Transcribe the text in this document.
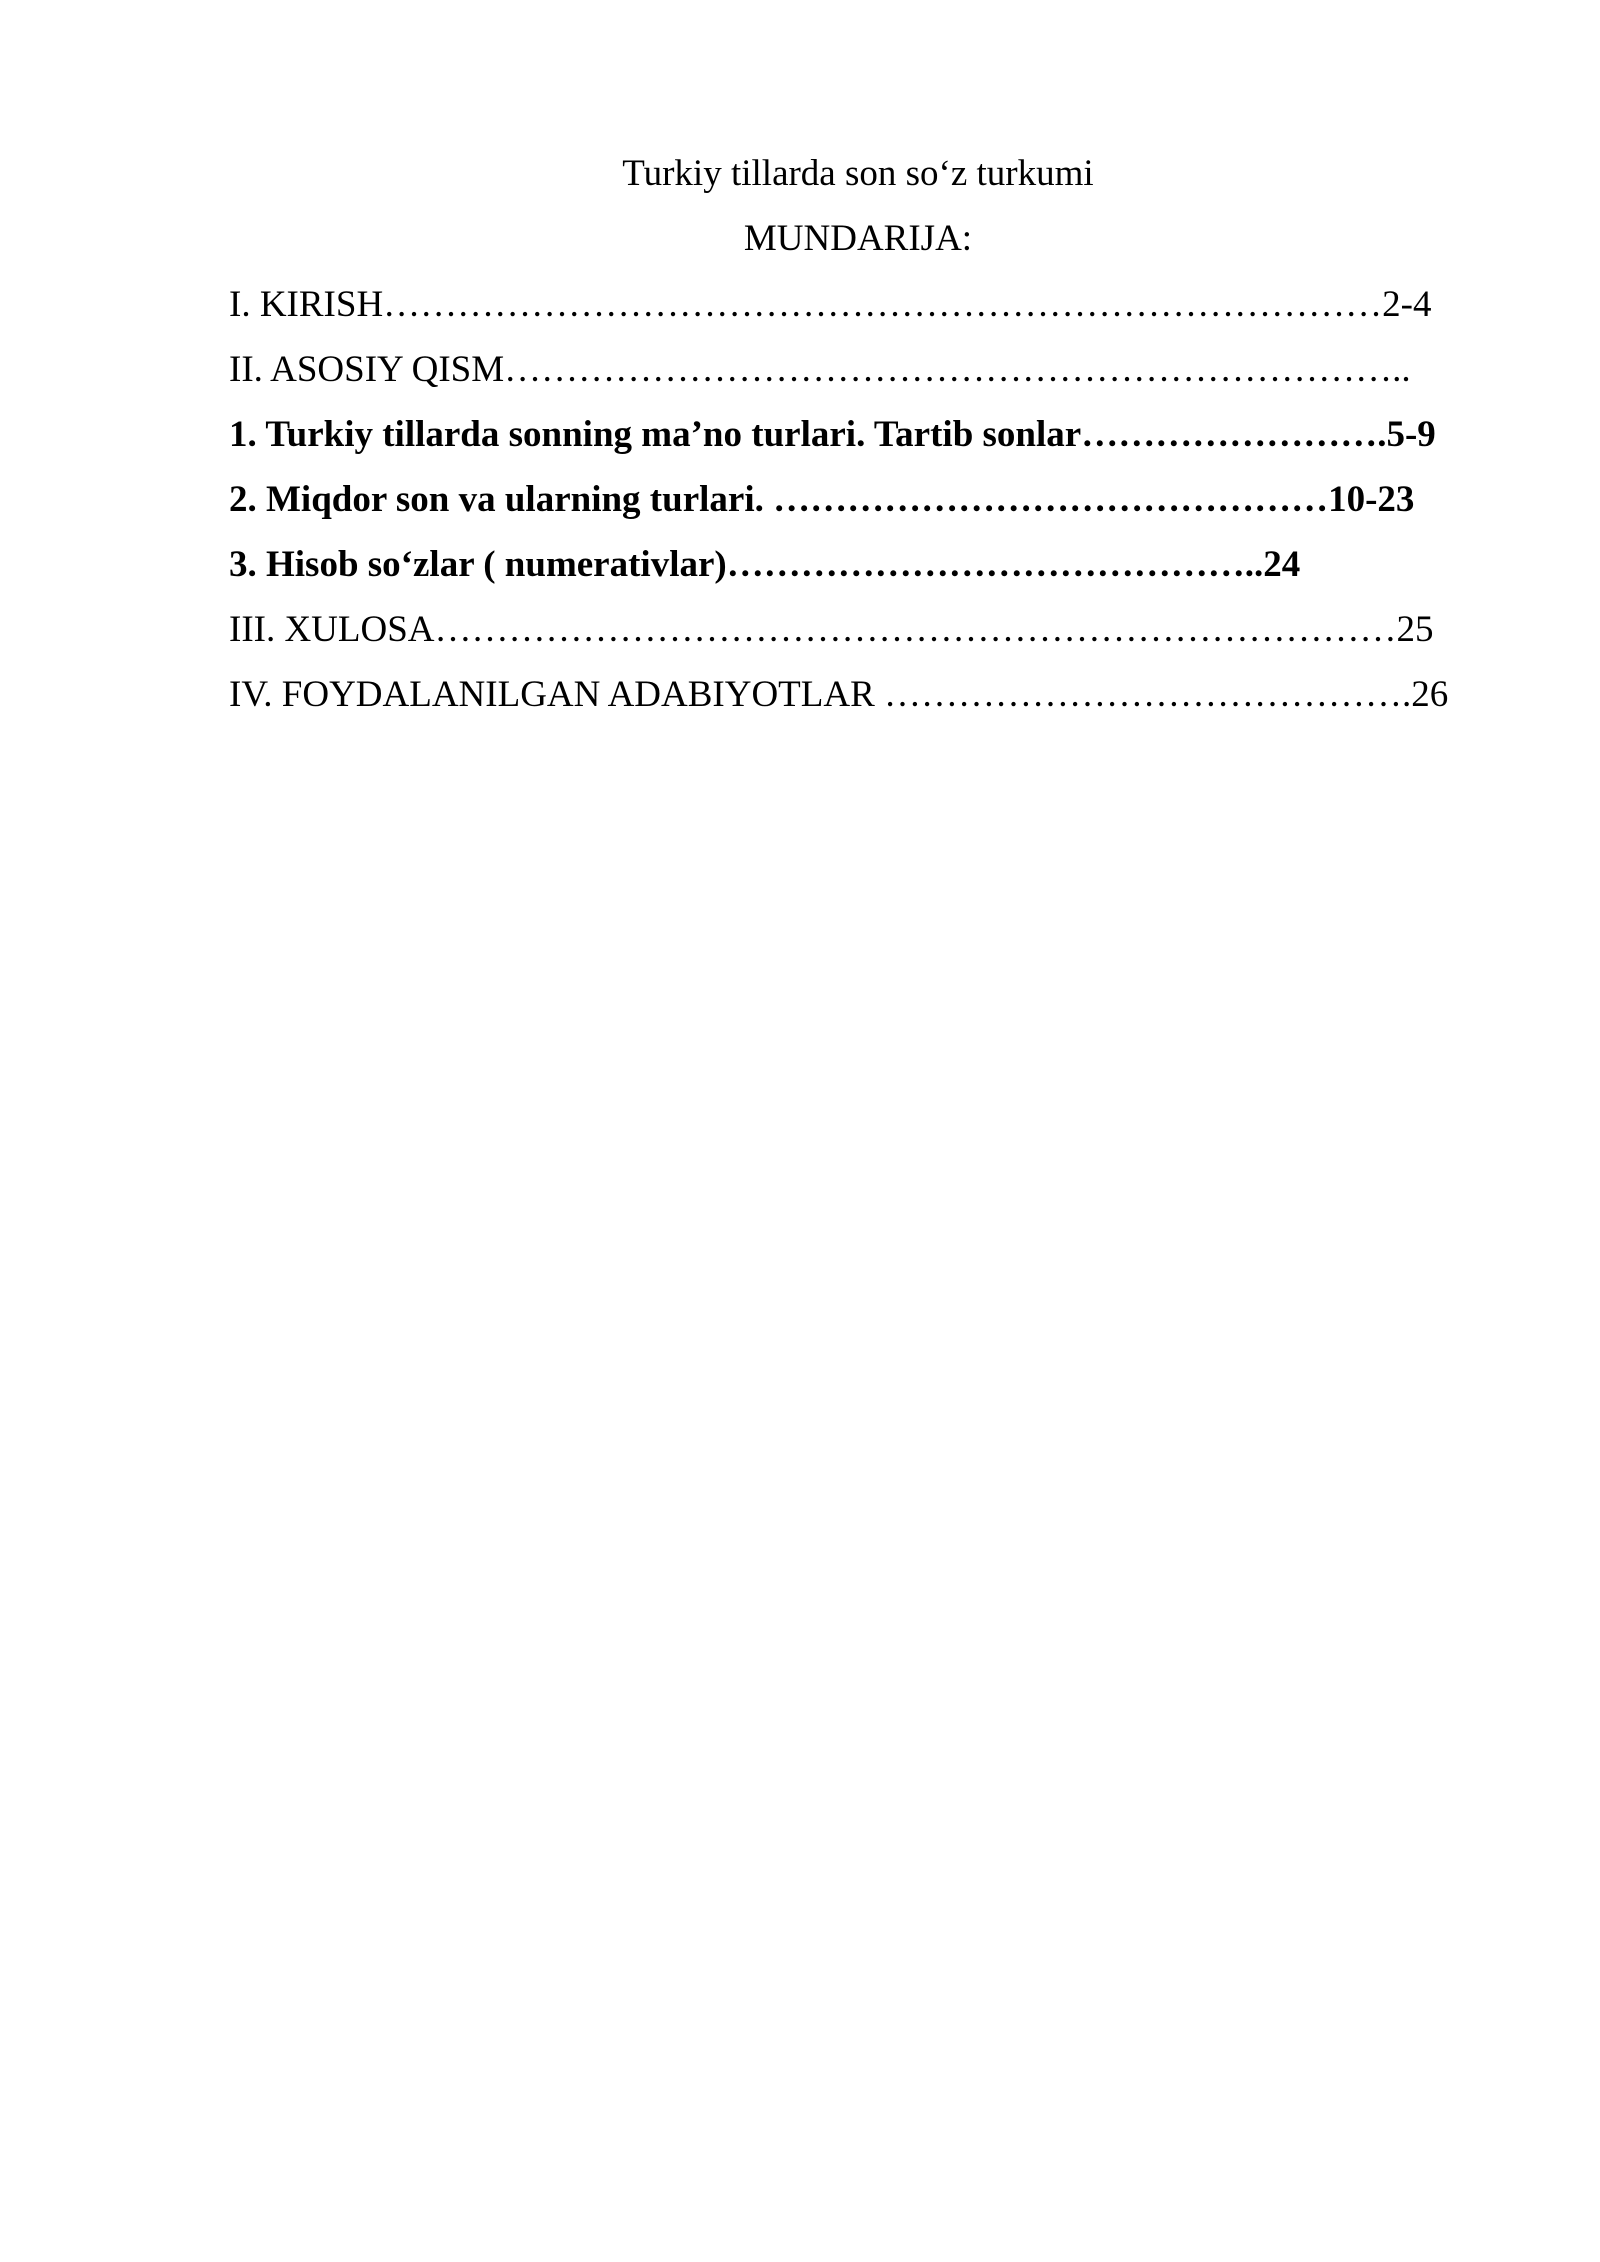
Turkiy tillarda son so‘z turkumi
MUNDARIJA:
I. KIRISH………………………………………………………………………2-4
II. ASOSIY QISM………………………………………………………………..
1. Turkiy tillarda sonning ma’no turlari. Tartib sonlar…………………….5-9
2. Miqdor son va ularning turlari. ………………………………………10-23
3. Hisob so‘zlar ( numerativlar)……………………………………..24
III. XULOSA……………………………………………………………………25
IV. FOYDALANILGAN ADABIYOTLAR …………………………………….26
